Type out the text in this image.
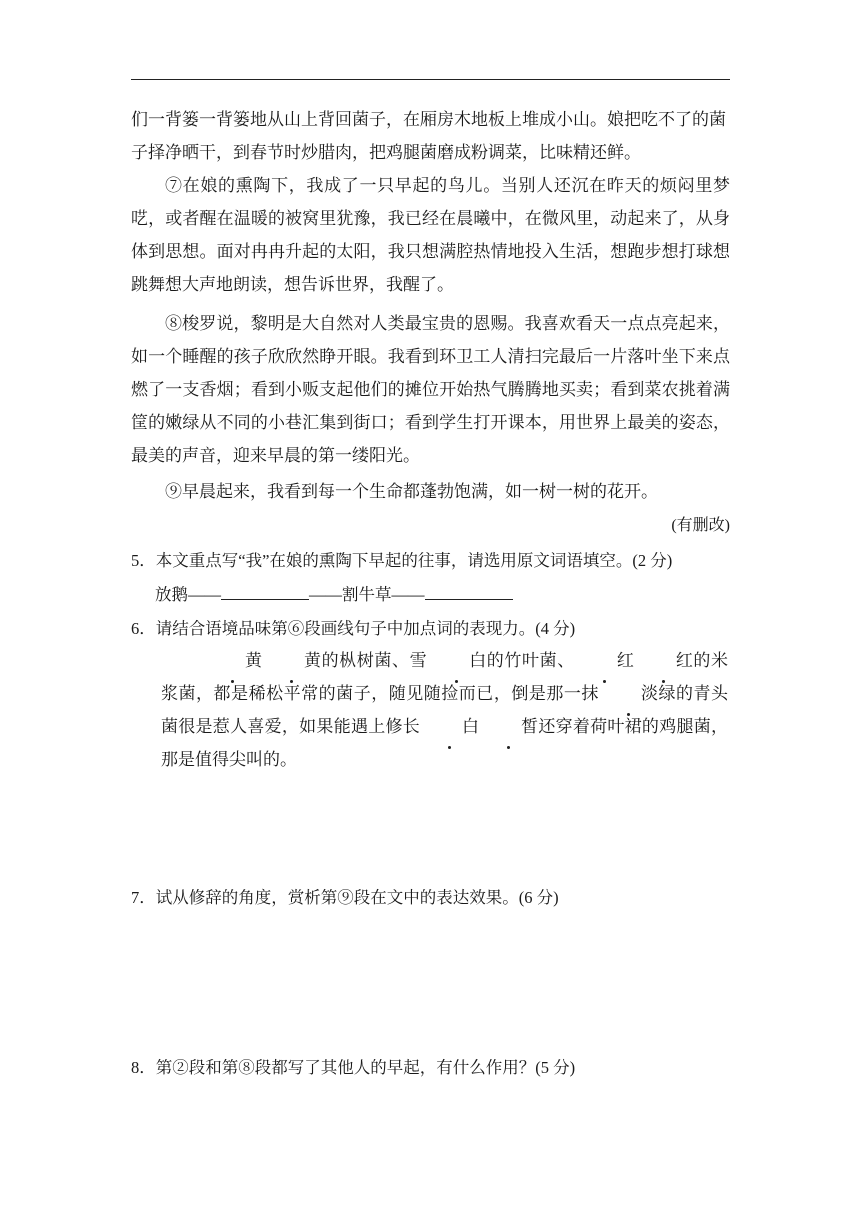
们一背篓一背篓地从山上背回菌子，在厢房木地板上堆成小山。娘把吃不了的菌
子择净晒干，到春节时炒腊肉，把鸡腿菌磨成粉调菜，比味精还鲜。

⑦在娘的熏陶下，我成了一只早起的鸟儿。当别人还沉在昨天的烦闷里梦呓，或者醒在温暖的被窝里犹豫，我已经在晨曦中，在微风里，动起来了，从身体到思想。面对冉冉升起的太阳，我只想满腔热情地投入生活，想跑步想打球想跳舞想大声地朗读，想告诉世界，我醒了。

⑧梭罗说，黎明是大自然对人类最宝贵的恩赐。我喜欢看天一点点亮起来，如一个睡醒的孩子欣欣然睁开眼。我看到环卫工人清扫完最后一片落叶坐下来点燃了一支香烟；看到小贩支起他们的摊位开始热气腾腾地买卖；看到菜农挑着满筐的嫩绿从不同的小巷汇集到街口；看到学生打开课本，用世界上最美的姿态，最美的声音，迎来早晨的第一缕阳光。

⑨早晨起来，我看到每一个生命都蓬勃饱满，如一树一树的花开。
(有删改)
5．本文重点写“我”在娘的熏陶下早起的往事，请选用原文词语填空。(2 分)
放鹅——	——割牛草——
6．请结合语境品味第⑥段画线句子中加点词的表现力。(4 分)

黄 黄的枞树菌、雪 白的竹叶菌、 红 红的米浆菌，都是稀松平常的菌子，随见随捡而已，倒是那一抹 淡绿的青头菌很是惹人喜爱，如果能遇上修长 白 皙还穿着荷叶裙的鸡腿菌，那是值得尖叫的。

7．试从修辞的角度，赏析第⑨段在文中的表达效果。(6 分)
8．第②段和第⑧段都写了其他人的早起，有什么作用？(5 分)
